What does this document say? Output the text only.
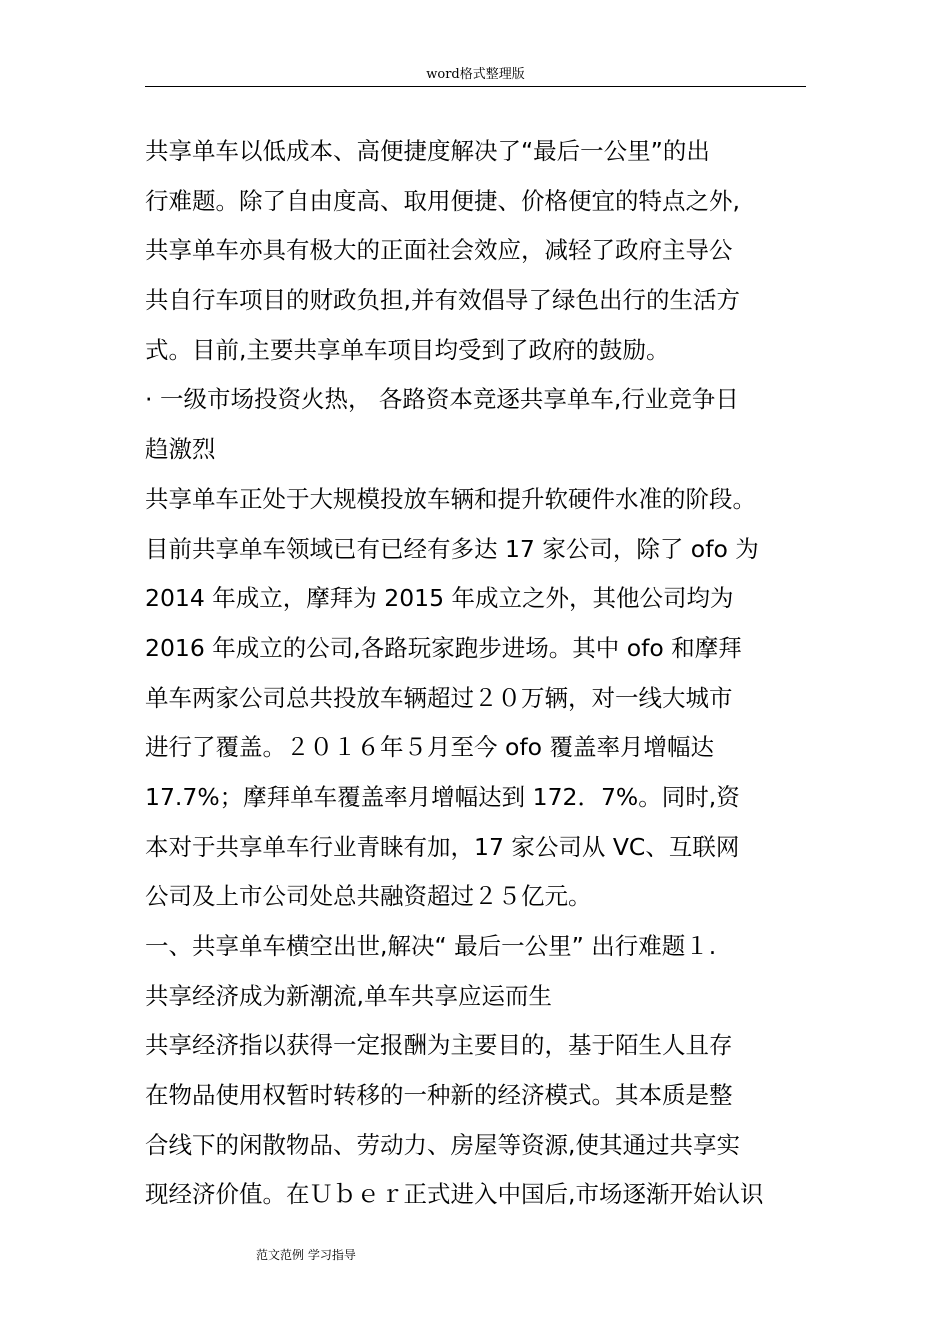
word格式整理版
共享单车以低成本、高便捷度解决了“最后一公里”的出
行难题。除了自由度高、取用便捷、价格便宜的特点之外,
共享单车亦具有极大的正面社会效应，减轻了政府主导公
共自行车项目的财政负担,并有效倡导了绿色出行的生活方
式。目前,主要共享单车项目均受到了政府的鼓励。
· 一级市场投资火热， 各路资本竞逐共享单车,行业竞争日
趋激烈
共享单车正处于大规模投放车辆和提升软硬件水准的阶段。
目前共享单车领域已有已经有多达 17 家公司，除了 ofo 为
2014 年成立，摩拜为 2015 年成立之外，其他公司均为
2016 年成立的公司,各路玩家跑步进场。其中 ofo 和摩拜
单车两家公司总共投放车辆超过２０万辆，对一线大城市
进行了覆盖。２０１６年５月至今 ofo 覆盖率月增幅达
17.7%；摩拜单车覆盖率月增幅达到 172．7%。同时,资
本对于共享单车行业青睐有加，17 家公司从 VC、互联网
公司及上市公司处总共融资超过２５亿元。
一、共享单车横空出世,解决“ 最后一公里” 出行难题１.
共享经济成为新潮流,单车共享应运而生
共享经济指以获得一定报酬为主要目的，基于陌生人且存
在物品使用权暂时转移的一种新的经济模式。其本质是整
合线下的闲散物品、劳动力、房屋等资源,使其通过共享实
现经济价值。在Ｕｂｅｒ正式进入中国后,市场逐渐开始认识
范文范例 学习指导
